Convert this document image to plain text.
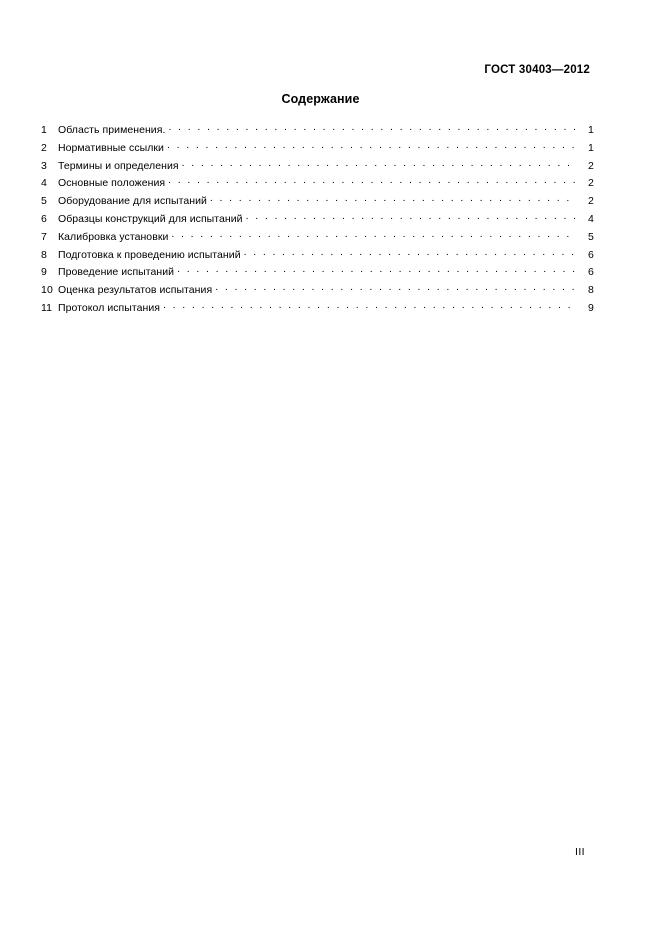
ГОСТ 30403—2012
Содержание
1	Область применения. . . .	1
2	Нормативные ссылки . . .	1
3	Термины и определения . . .	2
4	Основные положения . . .	2
5	Оборудование для испытаний . . .	2
6	Образцы конструкций для испытаний . . .	4
7	Калибровка установки . . .	5
8	Подготовка к проведению испытаний . . .	6
9	Проведение испытаний . . .	6
10 Оценка результатов испытания . . .	8
11 Протокол испытания . . .	9
III
